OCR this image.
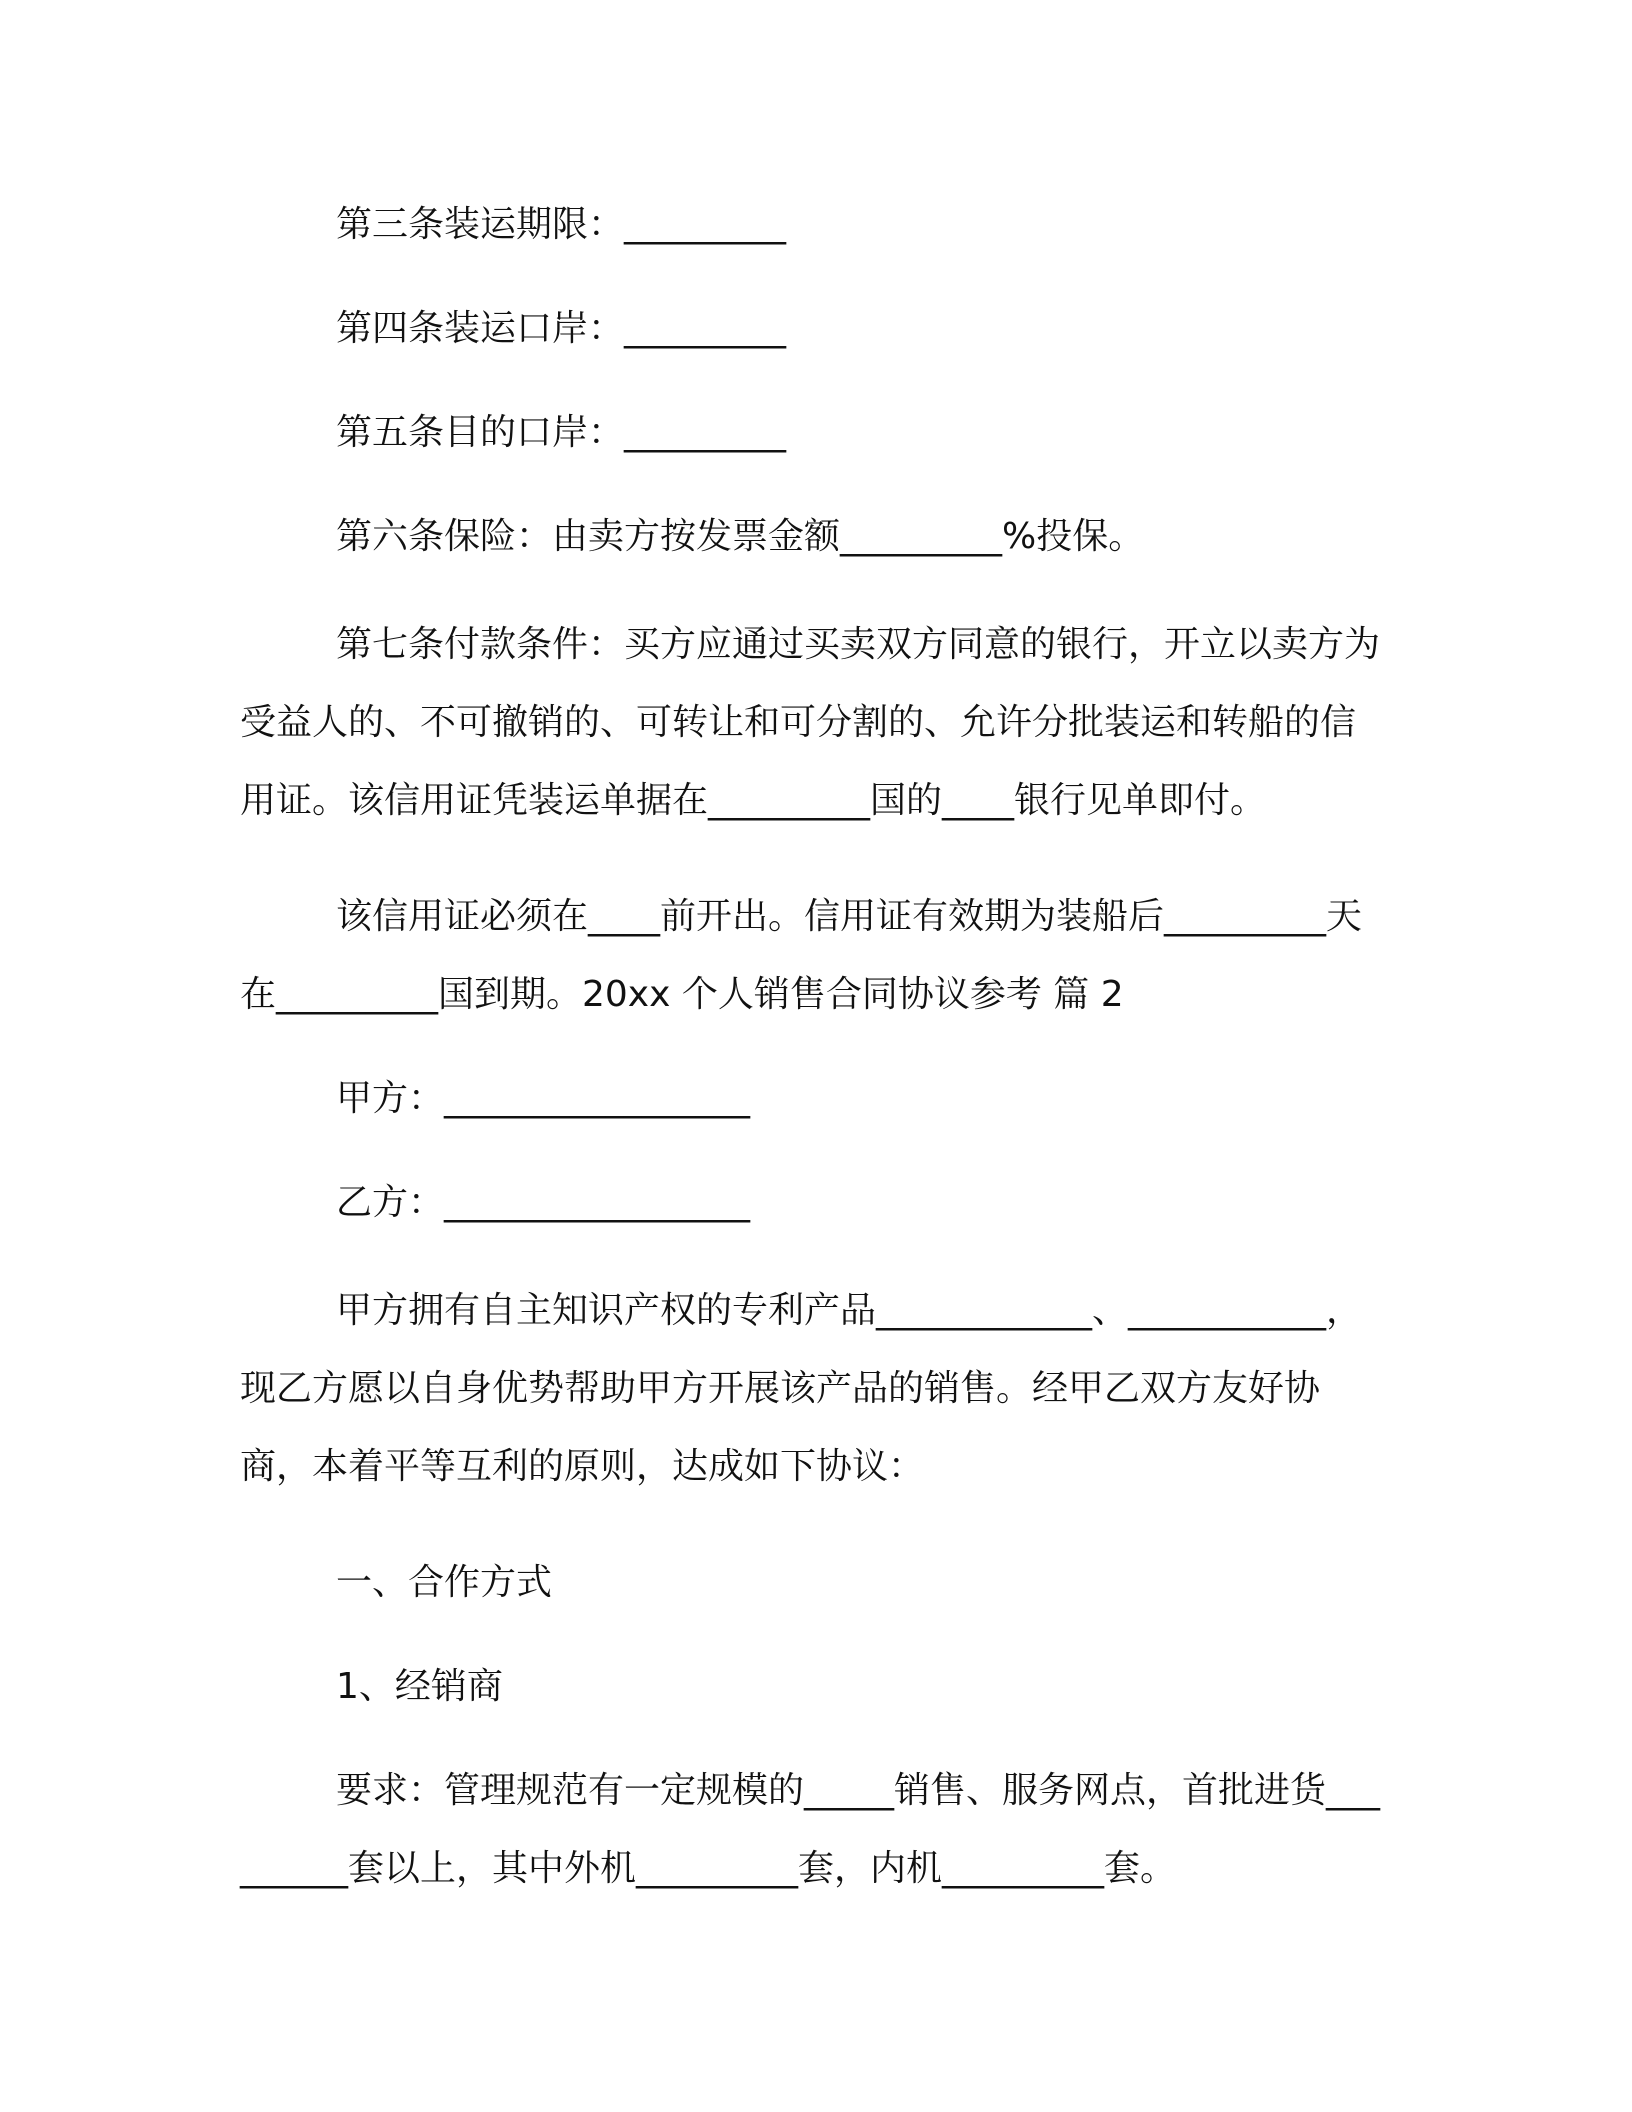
第三条装运期限：_________

第四条装运口岸：_________

第五条目的口岸：_________

第六条保险：由卖方按发票金额_________%投保。

第七条付款条件：买方应通过买卖双方同意的银行，开立以卖方为受益人的、不可撤销的、可转让和可分割的、允许分批装运和转船的信用证。该信用证凭装运单据在_________国的____银行见单即付。

该信用证必须在____前开出。信用证有效期为装船后_________天在_________国到期。20xx 个人销售合同协议参考 篇 2

甲方：_________________

乙方：_________________

甲方拥有自主知识产权的专利产品____________、___________，现乙方愿以自身优势帮助甲方开展该产品的销售。经甲乙双方友好协商，本着平等互利的原则，达成如下协议：

一、合作方式

1、经销商

要求：管理规范有一定规模的_____销售、服务网点，首批进货_________套以上，其中外机_________套，内机_________套。
